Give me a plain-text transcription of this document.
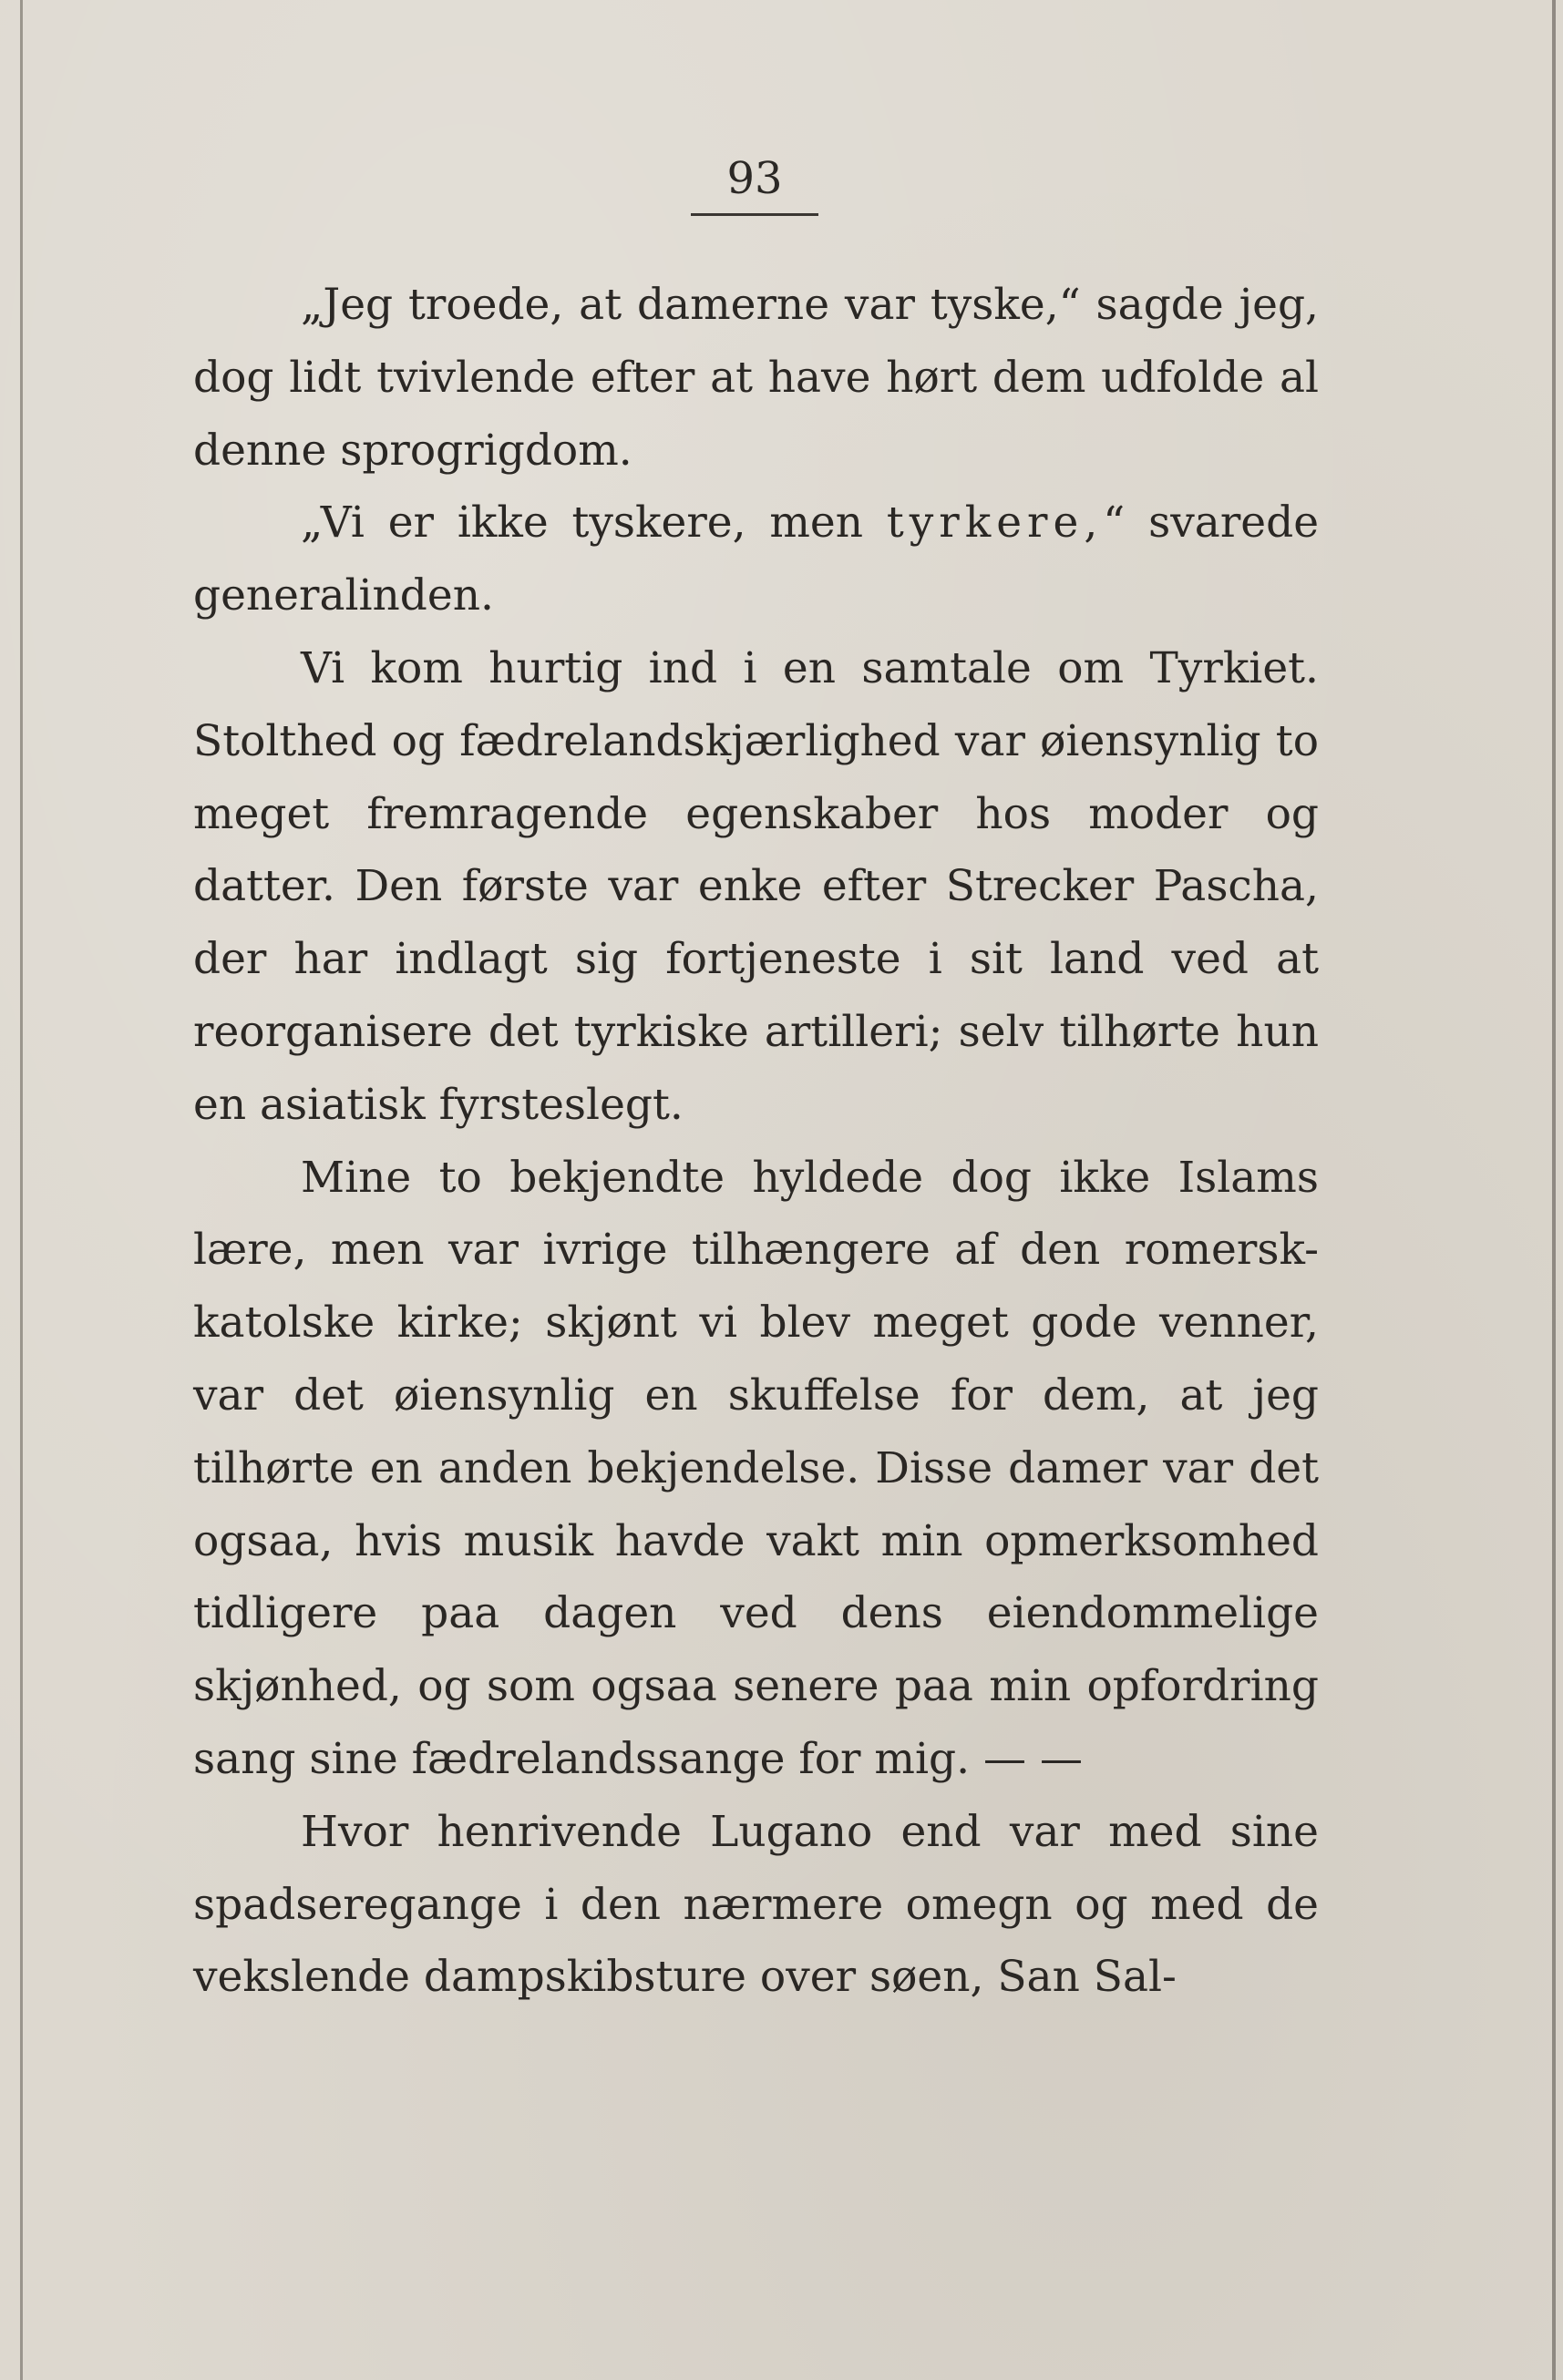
93

„Jeg troede, at damerne var tyske,“ sagde jeg, dog lidt tvivlende efter at have hørt dem udfolde al denne sprogrigdom.

„Vi er ikke tyskere, men tyrkere,“ svarede generalinden.

Vi kom hurtig ind i en samtale om Tyrkiet. Stolthed og fædrelandskjærlighed var øiensynlig to meget fremragende egenskaber hos moder og datter. Den første var enke efter Strecker Pascha, der har indlagt sig fortjeneste i sit land ved at reorganisere det tyrkiske artilleri; selv tilhørte hun en asiatisk fyrsteslegt.

Mine to bekjendte hyldede dog ikke Islams lære, men var ivrige tilhængere af den romersk-katolske kirke; skjønt vi blev meget gode venner, var det øiensynlig en skuffelse for dem, at jeg tilhørte en anden bekjendelse. Disse damer var det ogsaa, hvis musik havde vakt min opmerksomhed tidligere paa dagen ved dens eiendommelige skjønhed, og som ogsaa senere paa min opfordring sang sine fædrelandssange for mig. — —

Hvor henrivende Lugano end var med sine spadseregange i den nærmere omegn og med de vekslende dampskibsture over søen, San Sal-
